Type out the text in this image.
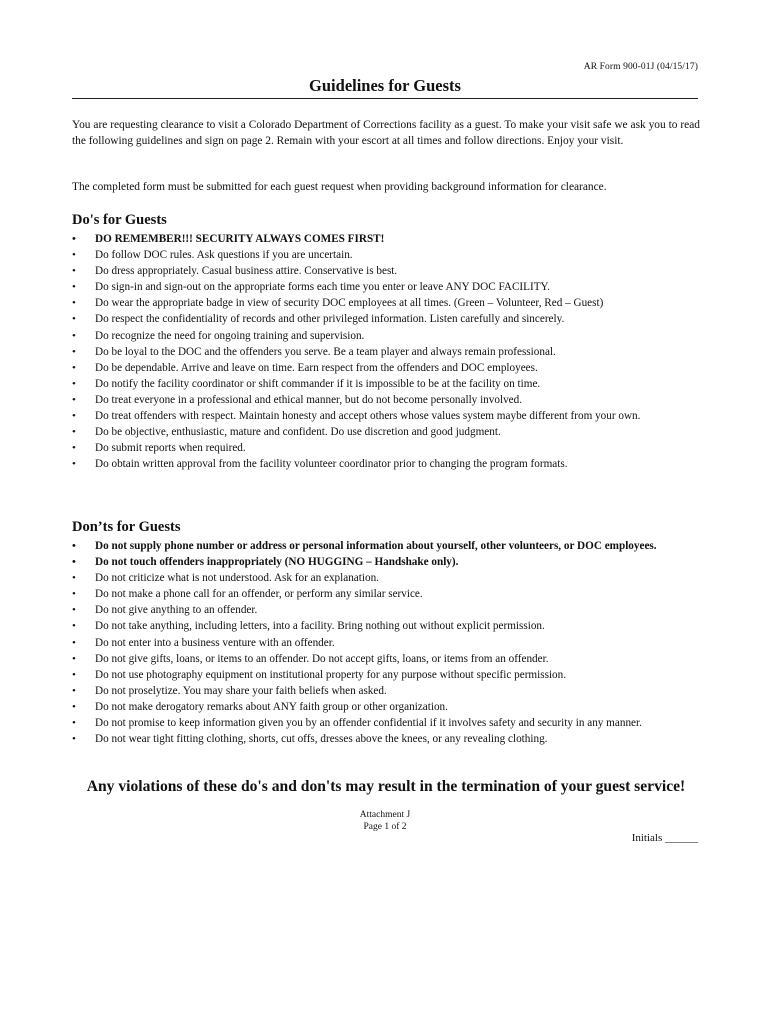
AR Form 900-01J (04/15/17)
Guidelines for Guests
You are requesting clearance to visit a Colorado Department of Corrections facility as a guest. To make your visit safe we ask you to read the following guidelines and sign on page 2. Remain with your escort at all times and follow directions. Enjoy your visit.
The completed form must be submitted for each guest request when providing background information for clearance.
Do's for Guests
• DO REMEMBER!!! SECURITY ALWAYS COMES FIRST!
• Do follow DOC rules. Ask questions if you are uncertain.
• Do dress appropriately. Casual business attire. Conservative is best.
• Do sign-in and sign-out on the appropriate forms each time you enter or leave ANY DOC FACILITY.
• Do wear the appropriate badge in view of security DOC employees at all times. (Green – Volunteer, Red – Guest)
• Do respect the confidentiality of records and other privileged information. Listen carefully and sincerely.
• Do recognize the need for ongoing training and supervision.
• Do be loyal to the DOC and the offenders you serve. Be a team player and always remain professional.
• Do be dependable. Arrive and leave on time. Earn respect from the offenders and DOC employees.
• Do notify the facility coordinator or shift commander if it is impossible to be at the facility on time.
• Do treat everyone in a professional and ethical manner, but do not become personally involved.
• Do treat offenders with respect. Maintain honesty and accept others whose values system maybe different from your own.
• Do be objective, enthusiastic, mature and confident. Do use discretion and good judgment.
• Do submit reports when required.
• Do obtain written approval from the facility volunteer coordinator prior to changing the program formats.
Don’ts for Guests
• Do not supply phone number or address or personal information about yourself, other volunteers, or DOC employees.
• Do not touch offenders inappropriately (NO HUGGING – Handshake only).
• Do not criticize what is not understood. Ask for an explanation.
• Do not make a phone call for an offender, or perform any similar service.
• Do not give anything to an offender.
• Do not take anything, including letters, into a facility. Bring nothing out without explicit permission.
• Do not enter into a business venture with an offender.
• Do not give gifts, loans, or items to an offender. Do not accept gifts, loans, or items from an offender.
• Do not use photography equipment on institutional property for any purpose without specific permission.
• Do not proselytize. You may share your faith beliefs when asked.
• Do not make derogatory remarks about ANY faith group or other organization.
• Do not promise to keep information given you by an offender confidential if it involves safety and security in any manner.
• Do not wear tight fitting clothing, shorts, cut offs, dresses above the knees, or any revealing clothing.
Any violations of these do's and don'ts may result in the termination of your guest service!
Attachment J
Page 1 of 2
Initials ______
